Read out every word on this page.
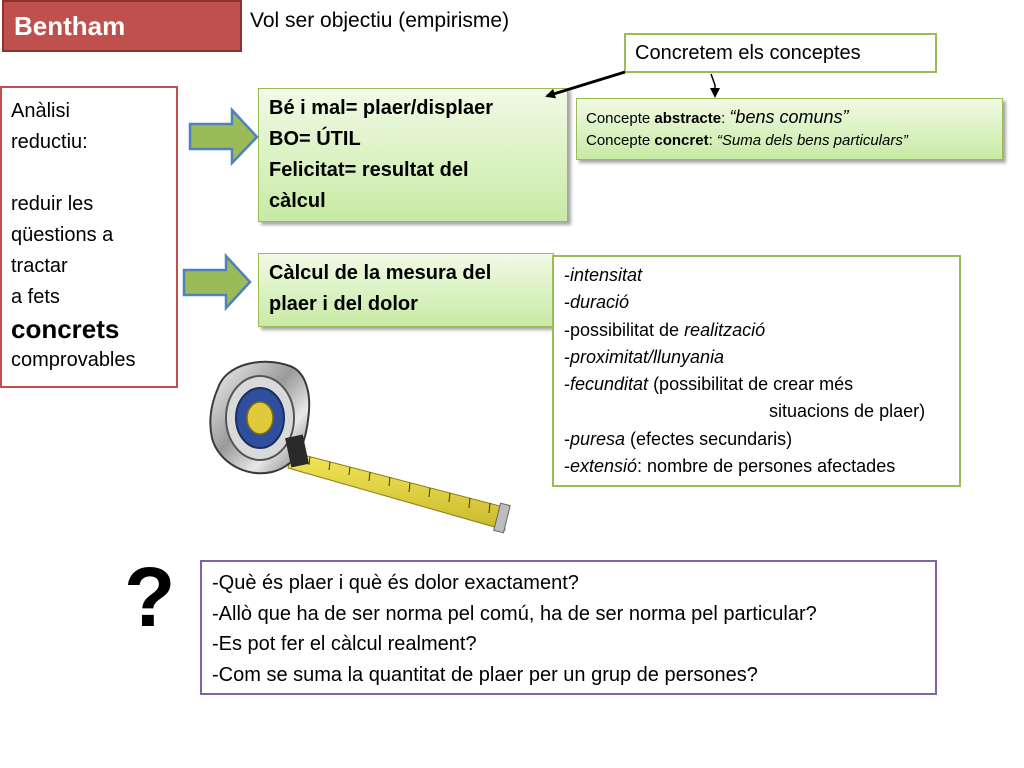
Bentham	Vol ser objectiu (empirisme)
Anàlisi
reductiu:
reduir les
qüestions a
tractar
a fets
concrets
comprovables
Bé i mal= plaer/displaer
BO= ÚTIL
Felicitat= resultat del
càlcul
Càlcul de la mesura del
plaer i del dolor
Concretem els conceptes
Concepte abstracte: “bens comuns”
Concepte concret: “Suma dels bens particulars”
-intensitat
-duració
-possibilitat de realització
-proximitat/llunyania
-fecunditat (possibilitat de crear més
situacions de plaer)
-puresa (efectes secundaris)
-extensió: nombre de persones afectades
? -Què és plaer i què és dolor exactament?
-Allò que ha de ser norma pel comú, ha de ser norma pel particular?
-Es pot fer el càlcul realment?
-Com se suma la quantitat de plaer per un grup de persones?
